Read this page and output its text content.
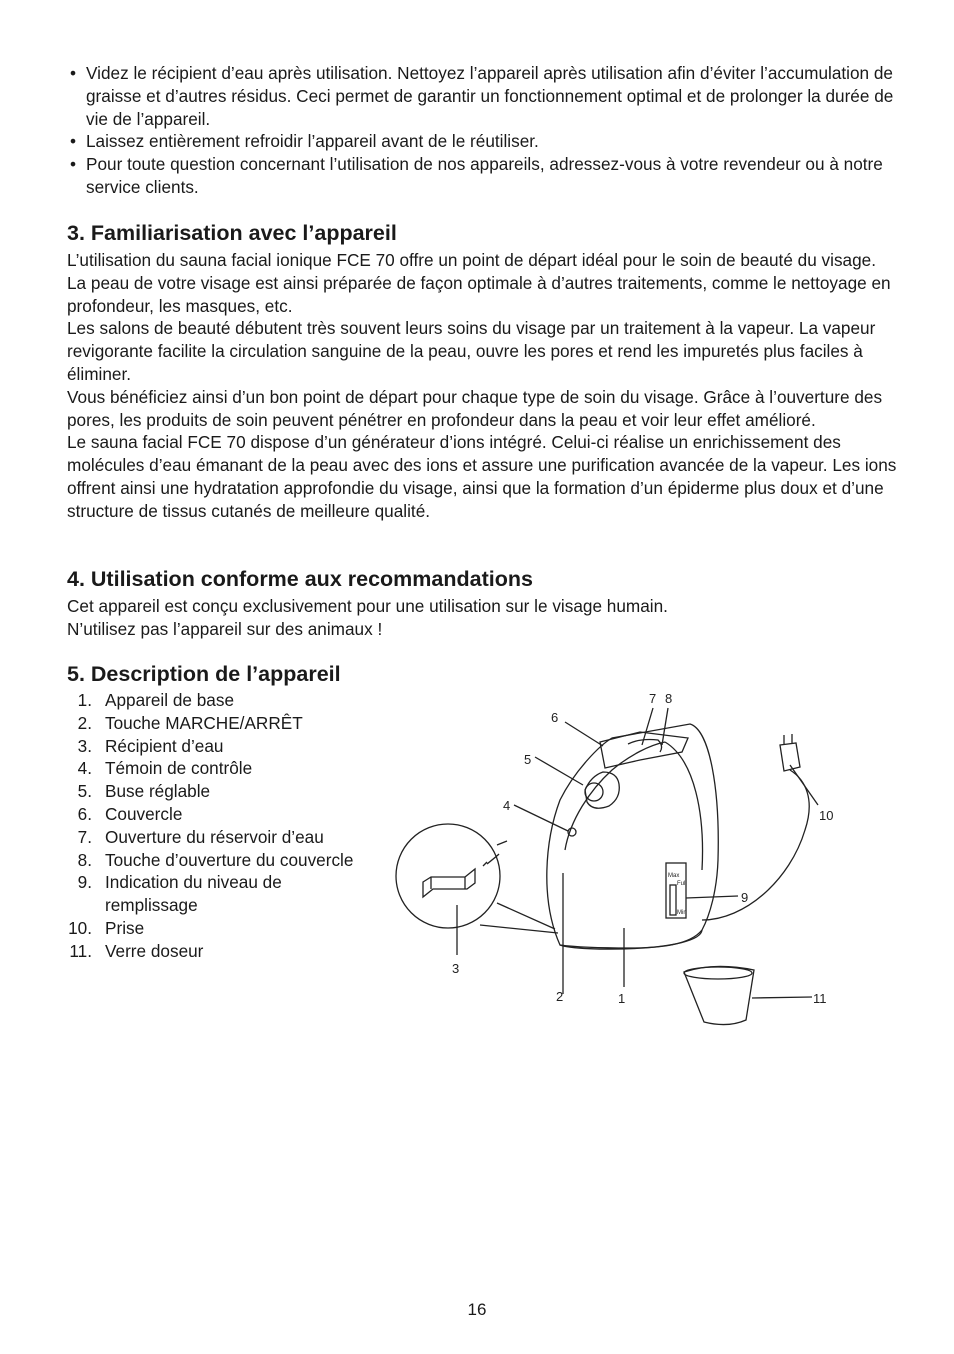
• Videz le récipient d’eau après utilisation. Nettoyez l’appareil après utilisation afin d’éviter l’accumulation de graisse et d’autres résidus. Ceci permet de garantir un fonctionnement optimal et de prolonger la durée de vie de l’appareil.
• Laissez entièrement refroidir l’appareil avant de le réutiliser.
• Pour toute question concernant l’utilisation de nos appareils, adressez-vous à votre revendeur ou à notre service clients.
3. Familiarisation avec l’appareil
L’utilisation du sauna facial ionique FCE 70 offre un point de départ idéal pour le soin de beauté du visage. La peau de votre visage est ainsi préparée de façon optimale à d’autres traitements, comme le nettoyage en profondeur, les masques, etc.
Les salons de beauté débutent très souvent leurs soins du visage par un traitement à la vapeur. La vapeur revigorante facilite la circulation sanguine de la peau, ouvre les pores et rend les impuretés plus faciles à éliminer.
Vous bénéficiez ainsi d’un bon point de départ pour chaque type de soin du visage. Grâce à l’ouverture des pores, les produits de soin peuvent pénétrer en profondeur dans la peau et voir leur effet amélioré.
Le sauna facial FCE 70 dispose d’un générateur d’ions intégré. Celui-ci réalise un enrichissement des molécules d’eau émanant de la peau avec des ions et assure une purification avancée de la vapeur. Les ions offrent ainsi une hydratation approfondie du visage, ainsi que la formation d’un épiderme plus doux et d’une structure de tissus cutanés de meilleure qualité.
4. Utilisation conforme aux recommandations
Cet appareil est conçu exclusivement pour une utilisation sur le visage humain.
N’utilisez pas l’appareil sur des animaux !
5. Description de l’appareil
1. Appareil de base
2. Touche MARCHE/ARRÊT
3. Récipient d’eau
4. Témoin de contrôle
5. Buse réglable
6. Couvercle
7. Ouverture du réservoir d’eau
8. Touche d’ouverture du couvercle
9. Indication du niveau de remplissage
10. Prise
11. Verre doseur
Max
Full
Min
1
2
3
4
5
6
7 8
9
10
11
16
